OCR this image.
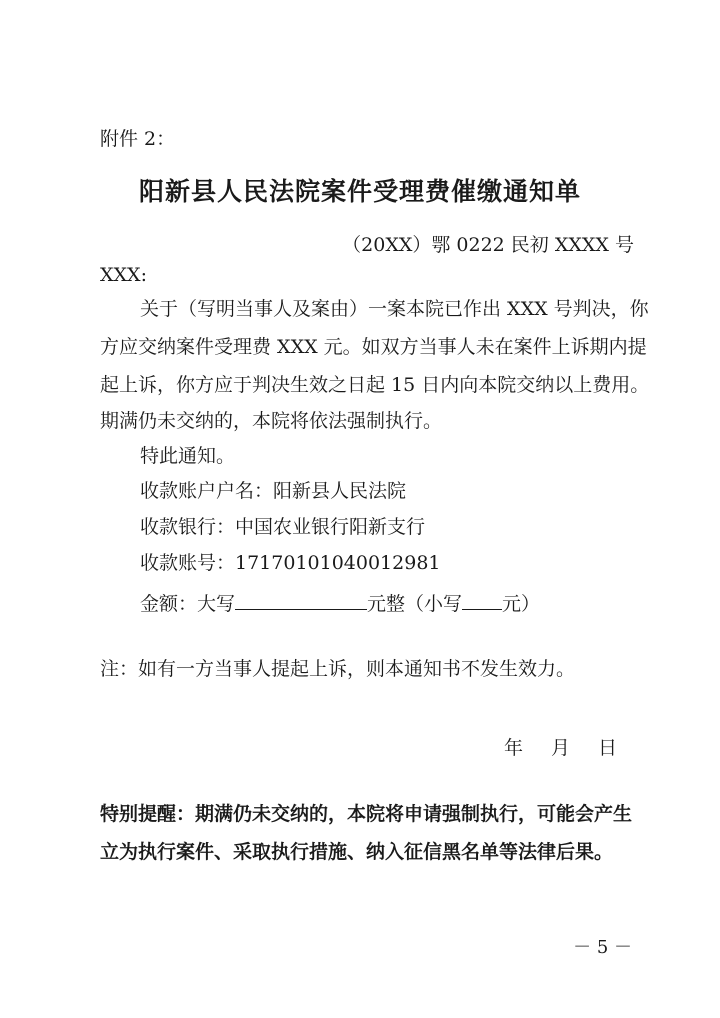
附件 2：
阳新县人民法院案件受理费催缴通知单
（20XX）鄂 0222 民初 XXXX 号
XXX:
关于（写明当事人及案由）一案本院已作出 XXX 号判决，你
方应交纳案件受理费 XXX 元。如双方当事人未在案件上诉期内提
起上诉，你方应于判决生效之日起 15 日内向本院交纳以上费用。
期满仍未交纳的，本院将依法强制执行。
特此通知。
收款账户户名：阳新县人民法院
收款银行：中国农业银行阳新支行
收款账号：17170101040012981
金额：大写	元整（小写 元）
注：如有一方当事人提起上诉，则本通知书不发生效力。
年 月 日
特别提醒：期满仍未交纳的，本院将申请强制执行，可能会产生
立为执行案件、采取执行措施、纳入征信黑名单等法律后果。
－ 5 －
